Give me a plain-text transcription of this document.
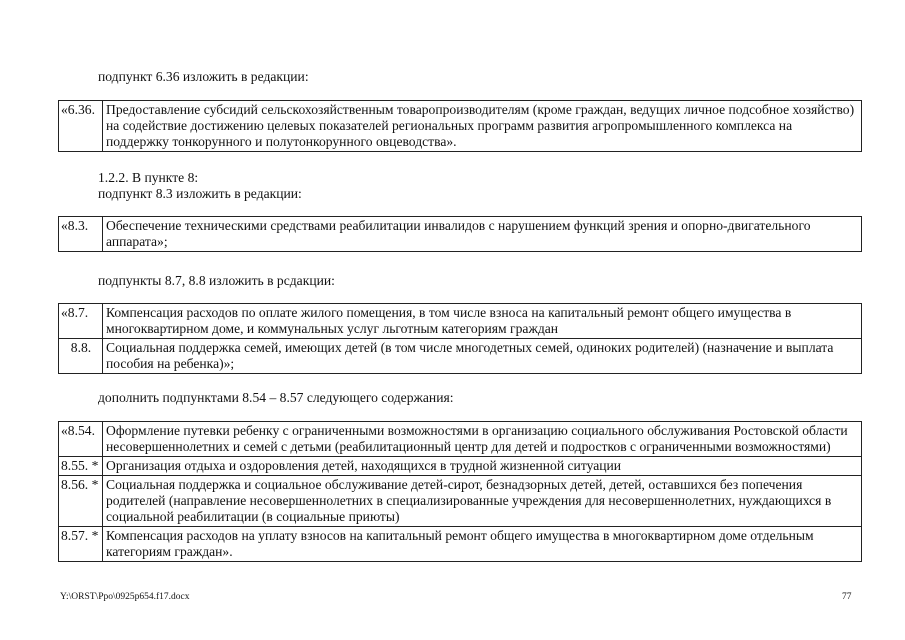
подпункт 6.36 изложить в редакции:
«6.36.	Предоставление субсидий сельскохозяйственным товаропроизводителям (кроме граждан, ведущих личное подсобное хозяйство) на содействие достижению целевых показателей региональных программ развития агропромышленного комплекса на поддержку тонкорунного и полутонкорунного овцеводства».
1.2.2. В пункте 8:
подпункт 8.3 изложить в редакции:
«8.3.	Обеспечение техническими средствами реабилитации инвалидов с нарушением функций зрения и опорно-двигательного аппарата»;
подпункты 8.7, 8.8 изложить в рсдакции:
«8.7.	Компенсация расходов по оплате жилого помещения, в том числе взноса на капитальный ремонт общего имущества в многоквартирном доме, и коммунальных услуг льготным категориям граждан
8.8.	Социальная поддержка семей, имеющих детей (в том числе многодетных семей, одиноких родителей) (назначение и выплата пособия на ребенка)»;
дополнить подпунктами 8.54 – 8.57 следующего содержания:
«8.54.	Оформление путевки ребенку с ограниченными возможностями в организацию социального обслуживания Ростовской области несовершеннолетних и семей с детьми (реабилитационный центр для детей и подростков с ограниченными возможностями)
8.55. *	Организация отдыха и оздоровления детей, находящихся в трудной жизненной ситуации
8.56. *	Социальная поддержка и социальное обслуживание детей-сирот, безнадзорных детей, детей, оставшихся без попечения родителей (направление несовершеннолетних в специализированные учреждения для несовершеннолетних, нуждающихся в социальной реабилитации (в социальные приюты)
8.57. *	Компенсация расходов на уплату взносов на капитальный ремонт общего имущества в многоквартирном доме отдельным категориям граждан».
Y:\ORST\Ppo\0925p654.f17.docx	77
